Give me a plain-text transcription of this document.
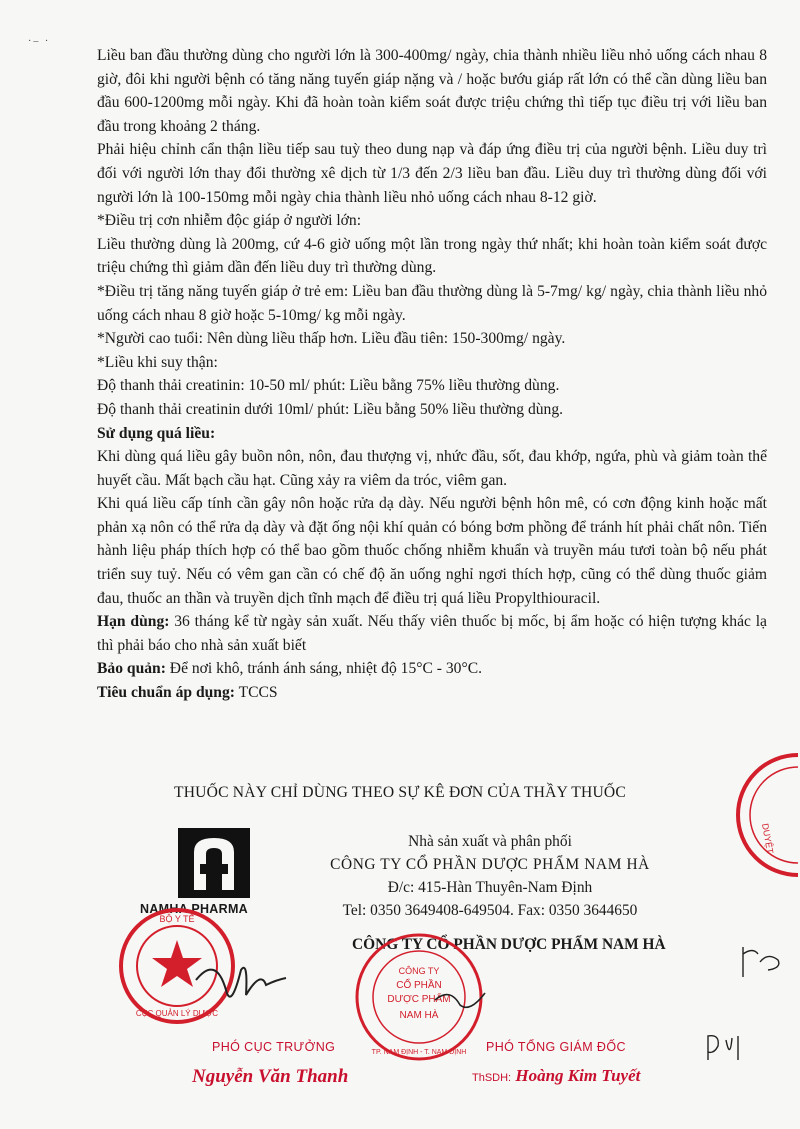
·– ·

Liều ban đầu thường dùng cho người lớn là 300-400mg/ ngày, chia thành nhiều liều nhỏ uống cách nhau 8 giờ, đôi khi người bệnh có tăng năng tuyến giáp nặng và / hoặc bướu giáp rất lớn có thể cần dùng liều ban đầu 600-1200mg mỗi ngày. Khi đã hoàn toàn kiểm soát được triệu chứng thì tiếp tục điều trị với liều ban đầu trong khoảng 2 tháng.

Phải hiệu chỉnh cẩn thận liều tiếp sau tuỳ theo dung nạp và đáp ứng điều trị của người bệnh. Liều duy trì đối với người lớn thay đổi thường xê dịch từ 1/3 đến 2/3 liều ban đầu. Liều duy trì thường dùng đối với người lớn là 100-150mg mỗi ngày chia thành liều nhỏ uống cách nhau 8-12 giờ.

*Điều trị cơn nhiễm độc giáp ở người lớn:

Liều thường dùng là 200mg, cứ 4-6 giờ uống một lần trong ngày thứ nhất; khi hoàn toàn kiểm soát được triệu chứng thì giảm dần đến liều duy trì thường dùng.

*Điều trị tăng năng tuyến giáp ở trẻ em: Liều ban đầu thường dùng là 5-7mg/ kg/ ngày, chia thành liều nhỏ uống cách nhau 8 giờ hoặc 5-10mg/ kg mỗi ngày.

*Người cao tuổi: Nên dùng liều thấp hơn. Liều đầu tiên: 150-300mg/ ngày.

*Liều khi suy thận:

Độ thanh thải creatinin: 10-50 ml/ phút: Liều bằng 75% liều thường dùng.

Độ thanh thải creatinin dưới 10ml/ phút: Liều bằng 50% liều thường dùng.

Sử dụng quá liều:

Khi dùng quá liều gây buồn nôn, nôn, đau thượng vị, nhức đầu, sốt, đau khớp, ngứa, phù và giảm toàn thể huyết cầu. Mất bạch cầu hạt. Cũng xảy ra viêm da tróc, viêm gan.

Khi quá liều cấp tính cần gây nôn hoặc rửa dạ dày. Nếu người bệnh hôn mê, có cơn động kinh hoặc mất phản xạ nôn có thể rửa dạ dày và đặt ống nội khí quản có bóng bơm phồng để tránh hít phải chất nôn. Tiến hành liệu pháp thích hợp có thể bao gồm thuốc chống nhiễm khuẩn và truyền máu tươi toàn bộ nếu phát triển suy tuỷ. Nếu có vêm gan cần có chế độ ăn uống nghỉ ngơi thích hợp, cũng có thể dùng thuốc giảm đau, thuốc an thần và truyền dịch tĩnh mạch để điều trị quá liều Propylthiouracil.

Hạn dùng: 36 tháng kể từ ngày sản xuất. Nếu thấy viên thuốc bị mốc, bị ẩm hoặc có hiện tượng khác lạ thì phải báo cho nhà sản xuất biết

Bảo quản: Để nơi khô, tránh ánh sáng, nhiệt độ 15°C - 30°C.

Tiêu chuẩn áp dụng: TCCS

THUỐC NÀY CHỈ DÙNG THEO SỰ KÊ ĐƠN CỦA THẦY THUỐC
NAMHA PHARMA
Nhà sản xuất và phân phối
CÔNG TY CỔ PHẦN DƯỢC PHẨM NAM HÀ
Đ/c: 415-Hàn Thuyên-Nam Định
Tel: 0350 3649408-649504. Fax: 0350 3644650
CÔNG TY CỔ PHẦN DƯỢC PHẨM NAM HÀ
BỘ Y TẾ
CỤC QUẢN LÝ DƯỢC
CÔNG TY
CỔ PHẦN
DƯỢC PHẨM
NAM HÀ
TP. NAM ĐỊNH - T. NAM ĐỊNH
DUYỆT
PHÓ CỤC TRƯỞNG
Nguyễn Văn Thanh
PHÓ TỔNG GIÁM ĐỐC
ThSDH: Hoàng Kim Tuyết
